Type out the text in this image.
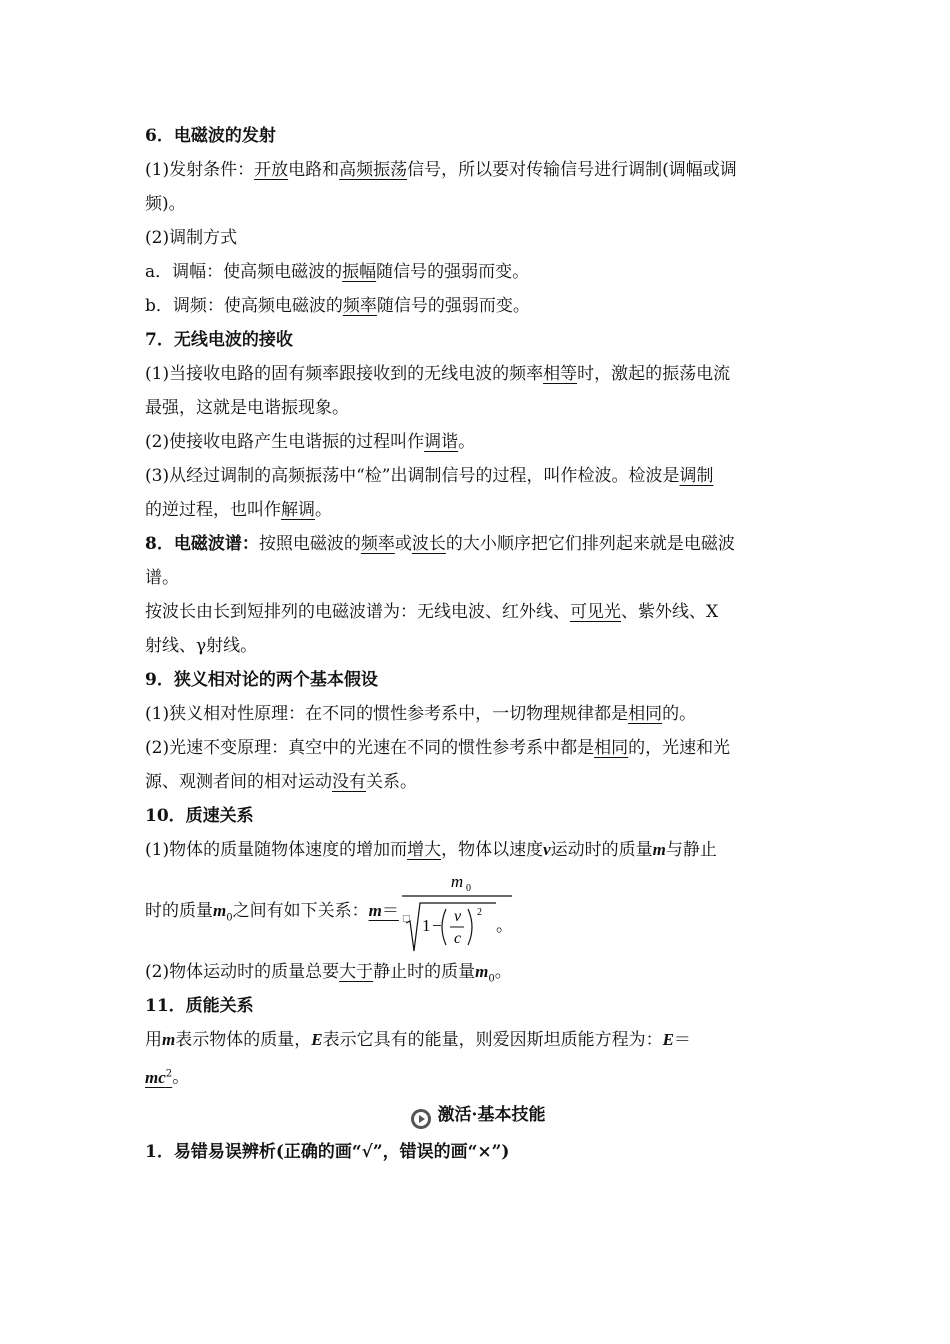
6．电磁波的发射
(1)发射条件：开放电路和高频振荡信号，所以要对传输信号进行调制(调幅或调
频)。
(2)调制方式
a．调幅：使高频电磁波的振幅随信号的强弱而变。
b．调频：使高频电磁波的频率随信号的强弱而变。
7．无线电波的接收
(1)当接收电路的固有频率跟接收到的无线电波的频率相等时，激起的振荡电流
最强，这就是电谐振现象。
(2)使接收电路产生电谐振的过程叫作调谐。
(3)从经过调制的高频振荡中“检”出调制信号的过程，叫作检波。检波是调制
的逆过程，也叫作解调。
8．电磁波谱：按照电磁波的频率或波长的大小顺序把它们排列起来就是电磁波
谱。
按波长由长到短排列的电磁波谱为：无线电波、红外线、可见光、紫外线、X
射线、γ射线。
9．狭义相对论的两个基本假设
(1)狭义相对性原理：在不同的惯性参考系中，一切物理规律都是相同的。
(2)光速不变原理：真空中的光速在不同的惯性参考系中都是相同的，光速和光
源、观测者间的相对运动没有关系。
10．质速关系
(1)物体的质量随物体速度的增加而增大，物体以速度v运动时的质量m与静止
时的质量$m_0$之间有如下关系：m＝
m 0
□ 1 − v
c
2
。
(2)物体运动时的质量总要大于静止时的质量$m_0$。
11．质能关系
用m表示物体的质量，E表示它具有的能量，则爱因斯坦质能方程为：E＝
$mc^2$。
激活·基本技能
1．易错易误辨析(正确的画“√”，错误的画“×”)
